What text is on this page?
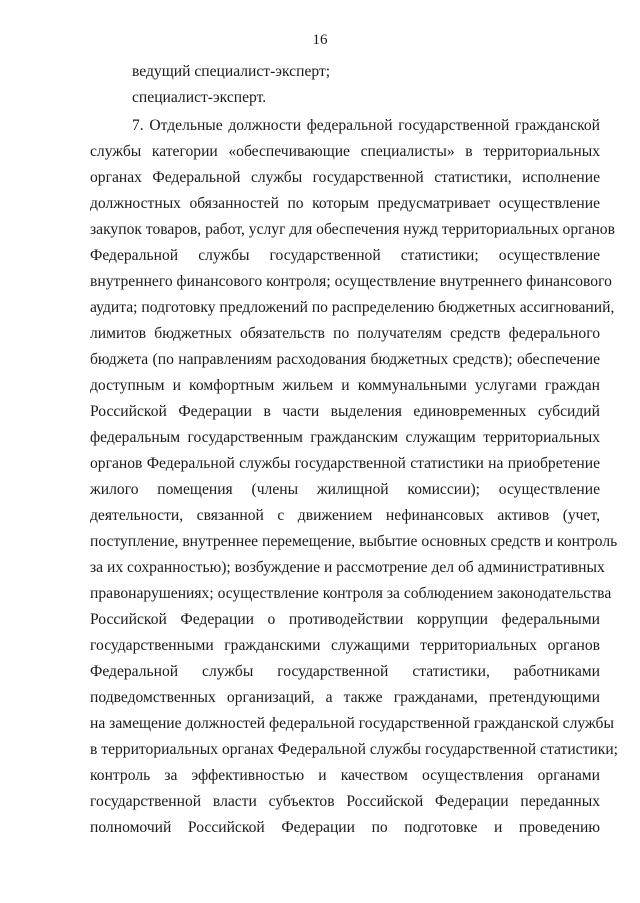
16
ведущий специалист-эксперт;
специалист-эксперт.
7. Отдельные должности федеральной государственной гражданской
службы категории «обеспечивающие специалисты» в территориальных
органах Федеральной службы государственной статистики, исполнение
должностных обязанностей по которым предусматривает осуществление
закупок товаров, работ, услуг для обеспечения нужд территориальных органов
Федеральной службы государственной статистики; осуществление
внутреннего финансового контроля; осуществление внутреннего финансового
аудита; подготовку предложений по распределению бюджетных ассигнований,
лимитов бюджетных обязательств по получателям средств федерального
бюджета (по направлениям расходования бюджетных средств); обеспечение
доступным и комфортным жильем и коммунальными услугами граждан
Российской Федерации в части выделения единовременных субсидий
федеральным государственным гражданским служащим территориальных
органов Федеральной службы государственной статистики на приобретение
жилого помещения (члены жилищной комиссии); осуществление
деятельности, связанной с движением нефинансовых активов (учет,
поступление, внутреннее перемещение, выбытие основных средств и контроль
за их сохранностью); возбуждение и рассмотрение дел об административных
правонарушениях; осуществление контроля за соблюдением законодательства
Российской Федерации о противодействии коррупции федеральными
государственными гражданскими служащими территориальных органов
Федеральной службы государственной статистики, работниками
подведомственных организаций, а также гражданами, претендующими
на замещение должностей федеральной государственной гражданской службы
в территориальных органах Федеральной службы государственной статистики;
контроль за эффективностью и качеством осуществления органами
государственной власти субъектов Российской Федерации переданных
полномочий Российской Федерации по подготовке и проведению
